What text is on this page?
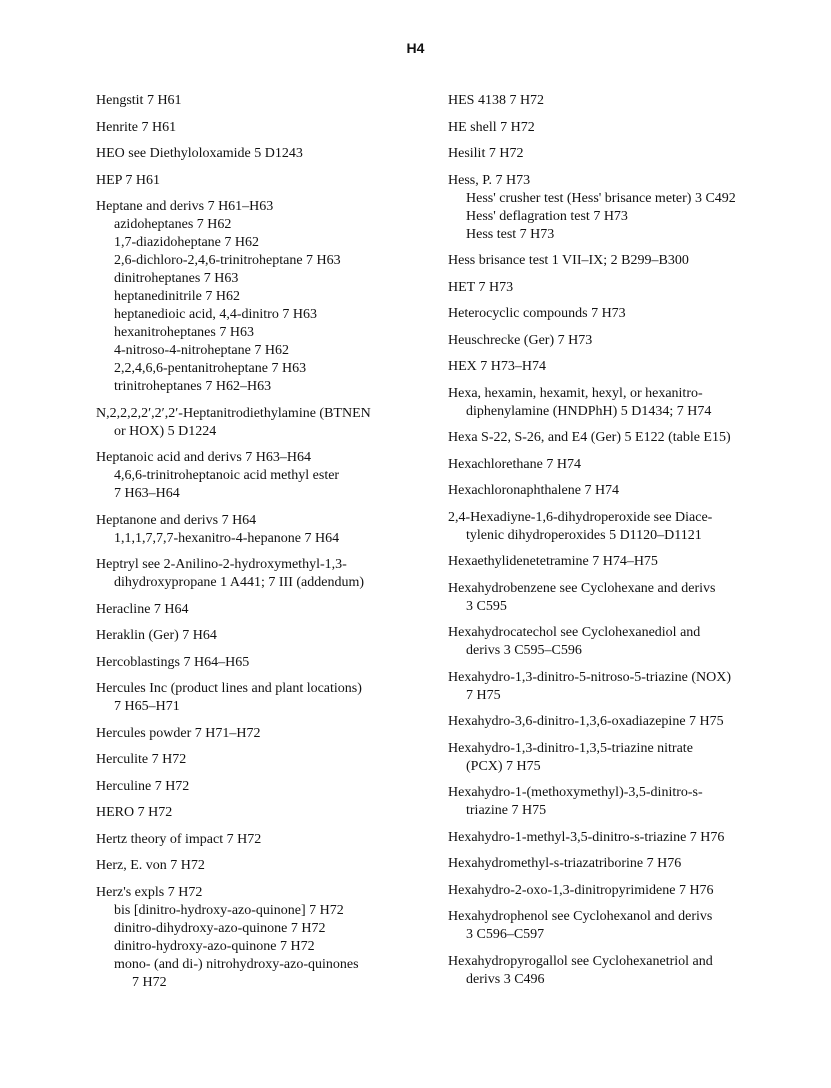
H4
Hengstit 7 H61
Henrite 7 H61
HEO see Diethyloloxamide 5 D1243
HEP 7 H61
Heptane and derivs 7 H61–H63
azidoheptanes 7 H62
1,7-diazidoheptane 7 H62
2,6-dichloro-2,4,6-trinitroheptane 7 H63
dinitroheptanes 7 H63
heptanedinitrile 7 H62
heptanedioic acid, 4,4-dinitro 7 H63
hexanitroheptanes 7 H63
4-nitroso-4-nitroheptane 7 H62
2,2,4,6,6-pentanitroheptane 7 H63
trinitroheptanes 7 H62–H63
N,2,2,2,2′,2′,2′-Heptanitrodiethylamine (BTNEN
or HOX) 5 D1224
Heptanoic acid and derivs 7 H63–H64
4,6,6-trinitroheptanoic acid methyl ester
7 H63–H64
Heptanone and derivs 7 H64
1,1,1,7,7,7-hexanitro-4-hepanone 7 H64
Heptryl see 2-Anilino-2-hydroxymethyl-1,3-
dihydroxypropane 1 A441; 7 III (addendum)
Heracline 7 H64
Heraklin (Ger) 7 H64
Hercoblastings 7 H64–H65
Hercules Inc (product lines and plant locations)
7 H65–H71
Hercules powder 7 H71–H72
Herculite 7 H72
Herculine 7 H72
HERO 7 H72
Hertz theory of impact 7 H72
Herz, E. von 7 H72
Herz's expls 7 H72
bis [dinitro-hydroxy-azo-quinone] 7 H72
dinitro-dihydroxy-azo-quinone 7 H72
dinitro-hydroxy-azo-quinone 7 H72
mono- (and di-) nitrohydroxy-azo-quinones
7 H72
HES 4138 7 H72
HE shell 7 H72
Hesilit 7 H72
Hess, P. 7 H73
Hess' crusher test (Hess' brisance meter) 3 C492
Hess' deflagration test 7 H73
Hess test 7 H73
Hess brisance test 1 VII–IX; 2 B299–B300
HET 7 H73
Heterocyclic compounds 7 H73
Heuschrecke (Ger) 7 H73
HEX 7 H73–H74
Hexa, hexamin, hexamit, hexyl, or hexanitro-
diphenylamine (HNDPhH) 5 D1434; 7 H74
Hexa S-22, S-26, and E4 (Ger) 5 E122 (table E15)
Hexachlorethane 7 H74
Hexachloronaphthalene 7 H74
2,4-Hexadiyne-1,6-dihydroperoxide see Diace-
tylenic dihydroperoxides 5 D1120–D1121
Hexaethylidenetetramine 7 H74–H75
Hexahydrobenzene see Cyclohexane and derivs
3 C595
Hexahydrocatechol see Cyclohexanediol and
derivs 3 C595–C596
Hexahydro-1,3-dinitro-5-nitroso-5-triazine (NOX)
7 H75
Hexahydro-3,6-dinitro-1,3,6-oxadiazepine 7 H75
Hexahydro-1,3-dinitro-1,3,5-triazine nitrate
(PCX) 7 H75
Hexahydro-1-(methoxymethyl)-3,5-dinitro-s-
triazine 7 H75
Hexahydro-1-methyl-3,5-dinitro-s-triazine 7 H76
Hexahydromethyl-s-triazatriborine 7 H76
Hexahydro-2-oxo-1,3-dinitropyrimidene 7 H76
Hexahydrophenol see Cyclohexanol and derivs
3 C596–C597
Hexahydropyrogallol see Cyclohexanetriol and
derivs 3 C496
